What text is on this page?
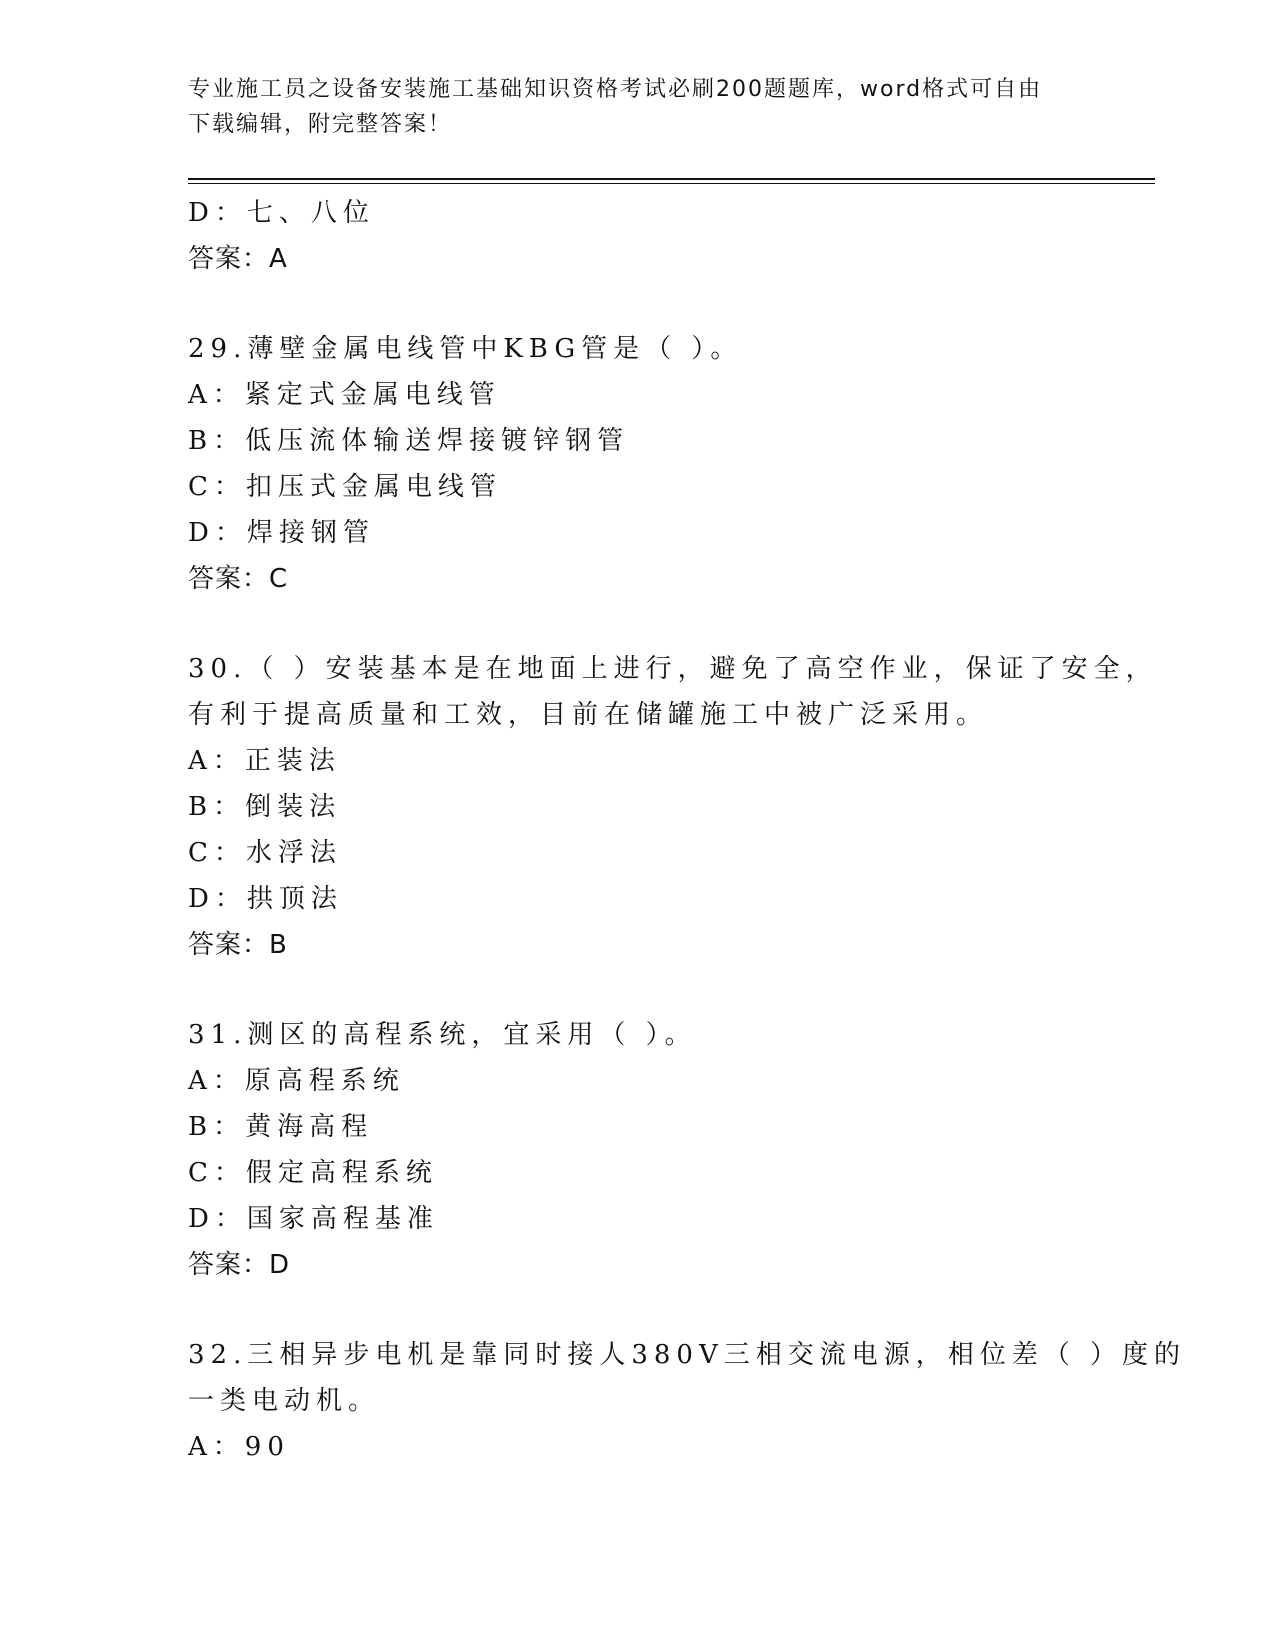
专业施工员之设备安装施工基础知识资格考试必刷200题题库，word格式可自由
下载编辑，附完整答案！
D：七、八位
答案：A
29.薄壁金属电线管中KBG管是（ ）。
A：紧定式金属电线管
B：低压流体输送焊接镀锌钢管
C：扣压式金属电线管
D：焊接钢管
答案：C
30.（ ）安装基本是在地面上进行，避免了高空作业，保证了安全，
有利于提高质量和工效，目前在储罐施工中被广泛采用。
A：正装法
B：倒装法
C：水浮法
D：拱顶法
答案：B
31.测区的高程系统，宜采用（ ）。
A：原高程系统
B：黄海高程
C：假定高程系统
D：国家高程基准
答案：D
32.三相异步电机是靠同时接人380V三相交流电源，相位差（ ）度的
一类电动机。
A：90
